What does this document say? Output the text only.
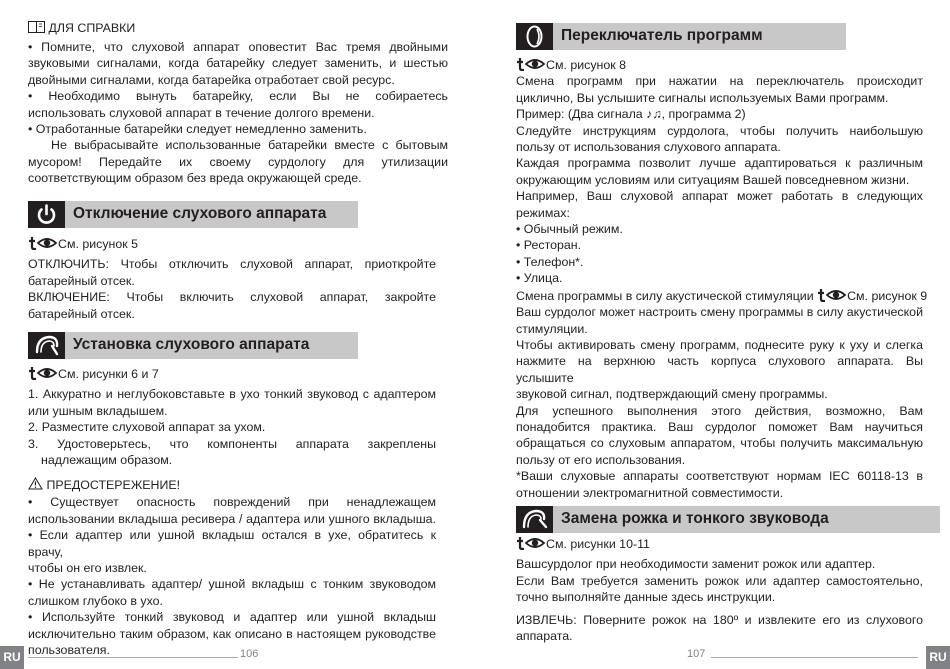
ДЛЯ СПРАВКИ
• Помните, что слуховой аппарат оповестит Вас тремя двойными
звуковыми сигналами, когда батарейку следует заменить, и шестью
двойными сигналами, когда батарейка отработает свой ресурс.
• Необходимо вынуть батарейку, если Вы не собираетесь
использовать слуховой аппарат в течение долгого времени.
• Отработанные батарейки следует немедленно заменить.
Не выбрасывайте использованные батарейки вместе с бытовым
мусором! Передайте их своему сурдологу для утилизации
соответствующим образом без вреда окружающей среде.
Отключение слухового аппарата
См. рисунок 5
ОТКЛЮЧИТЬ: Чтобы отключить слуховой аппарат, приоткройте
батарейный отсек.
ВКЛЮЧЕНИЕ: Чтобы включить слуховой аппарат, закройте
батарейный отсек.
Установка слухового аппарата
См. рисунки 6 и 7
1. Аккуратно и неглубоковставьте в ухо тонкий звуковод с адаптером
или ушным вкладышем.
2. Разместите слуховой аппарат за ухом.
3. Удостоверьтесь, что компоненты аппарата закреплены
надлежащим образом.
ПРЕДОСТЕРЕЖЕНИЕ!
• Существует опасность повреждений при ненадлежащем
использовании вкладыша ресивера / адаптера или ушного вкладыша.
• Если адаптер или ушной вкладыш остался в ухе, обратитесь к врачу,
чтобы он его извлек.
• Не устанавливать адаптер/ ушной вкладыш с тонким звуководом
слишком глубоко в ухо.
• Используйте тонкий звуковод и адаптер или ушной вкладыш
исключительно таким образом, как описано в настоящем руководстве
пользователя.
RU	106
Переключатель программ
См. рисунок 8
Смена программ при нажатии на переключатель происходит
циклично, Вы услышите сигналы используемых Вами программ.
Пример: (Два сигнала ♪♫, программа 2)
Следуйте инструкциям сурдолога, чтобы получить наибольшую
пользу от использования слухового аппарата.
Каждая программа позволит лучше адаптироваться к различным
окружающим условиям или ситуациям Вашей повседневном жизни.
Например, Ваш слуховой аппарат может работать в следующих
режимах:
• Обычный режим.
• Ресторан.
• Телефон*.
• Улица.
Смена программы в силу акустической стимуляции	См. рисунок 9
Ваш сурдолог может настроить смену программы в силу акустической
стимуляции.
Чтобы активировать смену программ, поднесите руку к уху и слегка
нажмите на верхнюю часть корпуса слухового аппарата. Вы услышите
звуковой сигнал, подтверждающий смену программы.
Для успешного выполнения этого действия, возможно, Вам
понадобится практика. Ваш сурдолог поможет Вам научиться
обращаться со слуховым аппаратом, чтобы получить максимальную
пользу от его использования.
*Ваши слуховые аппараты соответствуют нормам IEC 60118-13 в
отношении электромагнитной совместимости.
Замена рожка и тонкого звуковода
См. рисунки 10-11
Вашсурдолог при необходимости заменит рожок или адаптер.
Если Вам требуется заменить рожок или адаптер самостоятельно,
точно выполняйте данные здесь инструкции.
ИЗВЛЕЧЬ: Поверните рожок на 180º и извлеките его из слухового
аппарата.
107	RU
